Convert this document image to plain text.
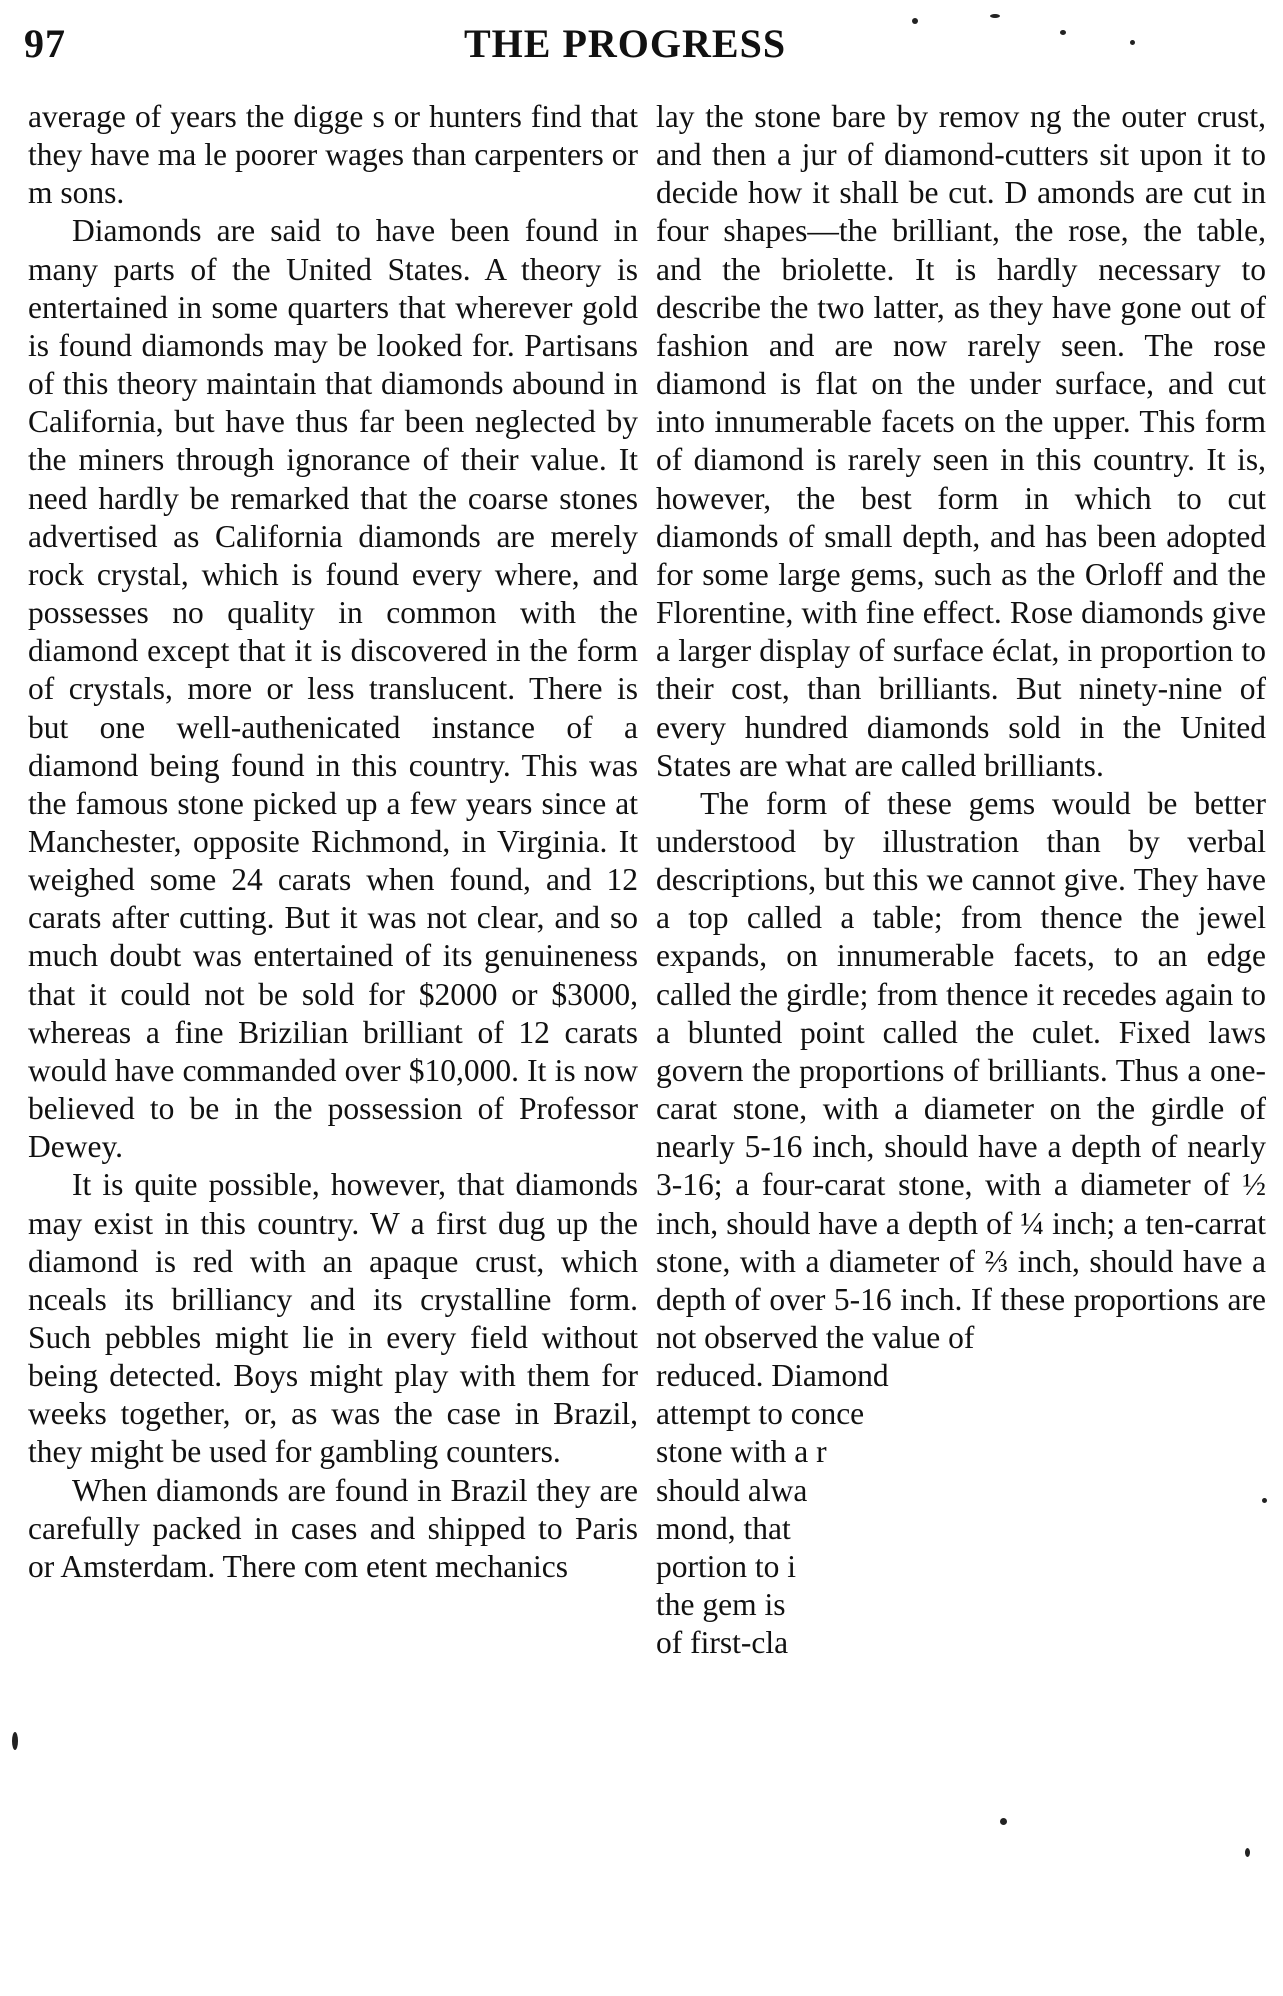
97	THE PROGRESS

average of years the digge s or hunters find that they have ma le poorer wages than carpenters or m sons.

Diamonds are said to have been found in many parts of the United States. A theory is entertained in some quarters that wherever gold is found diamonds may be looked for. Partisans of this theory maintain that diamonds abound in California, but have thus far been neglected by the miners through ignorance of their value. It need hardly be remarked that the coarse stones advertised as California diamonds are merely rock crystal, which is found every where, and possesses no quality in common with the diamond except that it is discovered in the form of crystals, more or less translucent. There is but one well-authenicated instance of a diamond being found in this country. This was the famous stone picked up a few years since at Manchester, opposite Richmond, in Virginia. It weighed some 24 carats when found, and 12 carats after cutting. But it was not clear, and so much doubt was entertained of its genuineness that it could not be sold for $2000 or $3000, whereas a fine Brizilian brilliant of 12 carats would have commanded over $10,000. It is now believed to be in the possession of Professor Dewey.

It is quite possible, however, that diamonds may exist in this country. W a first dug up the diamond is red with an apaque crust, which nceals its brilliancy and its crystalline form. Such pebbles might lie in every field without being detected. Boys might play with them for weeks together, or, as was the case in Brazil, they might be used for gambling counters.

When diamonds are found in Brazil they are carefully packed in cases and shipped to Paris or Amsterdam. There com etent mechanics

lay the stone bare by remov ng the outer crust, and then a jur of diamond-cutters sit upon it to decide how it shall be cut. D amonds are cut in four shapes—the brilliant, the rose, the table, and the briolette. It is hardly necessary to describe the two latter, as they have gone out of fashion and are now rarely seen. The rose diamond is flat on the under surface, and cut into innumerable facets on the upper. This form of diamond is rarely seen in this country. It is, however, the best form in which to cut diamonds of small depth, and has been adopted for some large gems, such as the Orloff and the Florentine, with fine effect. Rose diamonds give a larger display of surface éclat, in proportion to their cost, than brilliants. But ninety-nine of every hundred diamonds sold in the United States are what are called brilliants.

The form of these gems would be better understood by illustration than by verbal descriptions, but this we cannot give. They have a top called a table; from thence the jewel expands, on innumerable facets, to an edge called the girdle; from thence it recedes again to a blunted point called the culet. Fixed laws govern the proportions of brilliants. Thus a one-carat stone, with a diameter on the girdle of nearly 5-16 inch, should have a depth of nearly 3-16; a four-carat stone, with a diameter of ½ inch, should have a depth of ¼ inch; a ten-carrat stone, with a diameter of ⅔ inch, should have a depth of over 5-16 inch. If these proportions are not observed the value of

reduced. Diamond

attempt to conce

stone with a r

should alwa

mond, that

portion to i

the gem is

of first-cla
